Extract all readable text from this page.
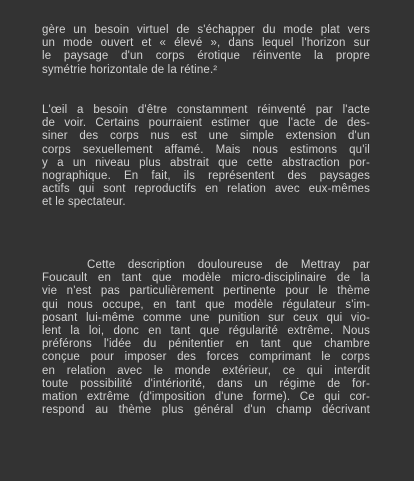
gère un besoin virtuel de s'échapper du mode plat vers
un mode ouvert et « élevé », dans lequel l'horizon sur
le paysage d'un corps érotique réinvente la propre
symétrie horizontale de la rétine.²
L'œil a besoin d'être constamment réinventé par l'acte
de voir. Certains pourraient estimer que l'acte de des-
siner des corps nus est une simple extension d'un
corps sexuellement affamé. Mais nous estimons qu'il
y a un niveau plus abstrait que cette abstraction por-
nographique. En fait, ils représentent des paysages
actifs qui sont reproductifs en relation avec eux-mêmes
et le spectateur.
Cette description douloureuse de Mettray par
Foucault en tant que modèle micro-disciplinaire de la
vie n'est pas particulièrement pertinente pour le thème
qui nous occupe, en tant que modèle régulateur s'im-
posant lui-même comme une punition sur ceux qui vio-
lent la loi, donc en tant que régularité extrême. Nous
préférons l'idée du pénitentier en tant que chambre
conçue pour imposer des forces comprimant le corps
en relation avec le monde extérieur, ce qui interdit
toute possibilité d'intériorité, dans un régime de for-
mation extrême (d'imposition d'une forme). Ce qui cor-
respond au thème plus général d'un champ décrivant
